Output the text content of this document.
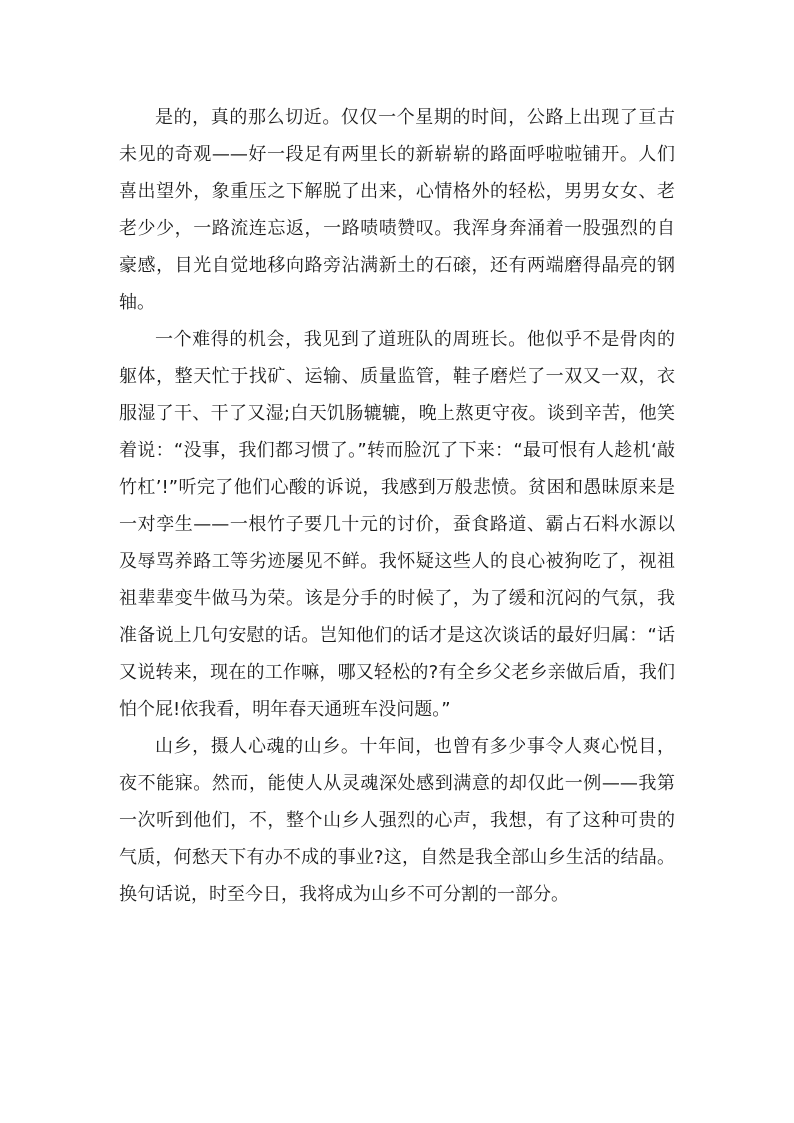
是的，真的那么切近。仅仅一个星期的时间，公路上出现了亘古未见的奇观——好一段足有两里长的新崭崭的路面呼啦啦铺开。人们喜出望外，象重压之下解脱了出来，心情格外的轻松，男男女女、老老少少，一路流连忘返，一路啧啧赞叹。我浑身奔涌着一股强烈的自豪感，目光自觉地移向路旁沾满新土的石磙，还有两端磨得晶亮的钢轴。

一个难得的机会，我见到了道班队的周班长。他似乎不是骨肉的躯体，整天忙于找矿、运输、质量监管，鞋子磨烂了一双又一双，衣服湿了干、干了又湿;白天饥肠辘辘，晚上熬更守夜。谈到辛苦，他笑着说：“没事，我们都习惯了。”转而脸沉了下来：“最可恨有人趁机‘敲竹杠’!”听完了他们心酸的诉说，我感到万般悲愤。贫困和愚昧原来是一对孪生——一根竹子要几十元的讨价，蚕食路道、霸占石料水源以及辱骂养路工等劣迹屡见不鲜。我怀疑这些人的良心被狗吃了，视祖祖辈辈变牛做马为荣。该是分手的时候了，为了缓和沉闷的气氛，我准备说上几句安慰的话。岂知他们的话才是这次谈话的最好归属：“话又说转来，现在的工作嘛，哪又轻松的?有全乡父老乡亲做后盾，我们怕个屁!依我看，明年春天通班车没问题。”

山乡，摄人心魂的山乡。十年间，也曾有多少事令人爽心悦目，夜不能寐。然而，能使人从灵魂深处感到满意的却仅此一例——我第一次听到他们，不，整个山乡人强烈的心声，我想，有了这种可贵的气质，何愁天下有办不成的事业?这，自然是我全部山乡生活的结晶。换句话说，时至今日，我将成为山乡不可分割的一部分。
